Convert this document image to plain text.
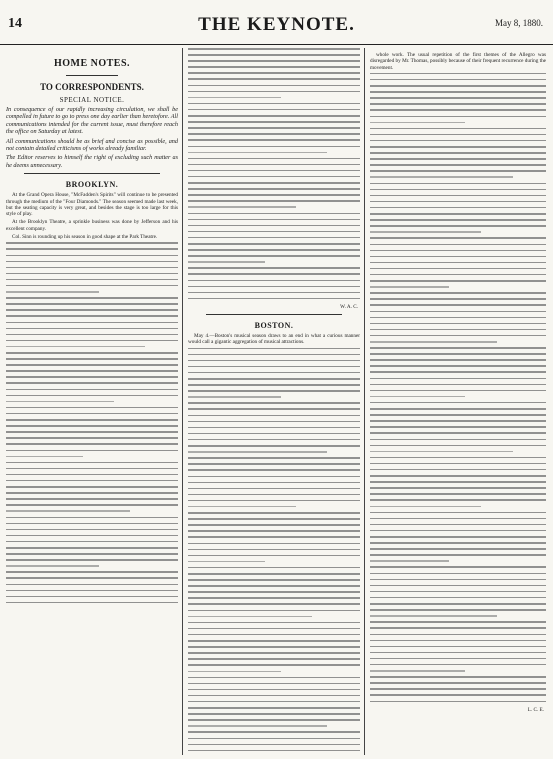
14	THE KEYNOTE.	May 8, 1880.
HOME NOTES.
TO CORRESPONDENTS.
SPECIAL NOTICE.
In consequence of our rapidly increasing circulation, we shall be compelled in future to go to press one day earlier than heretofore. All communications intended for the current issue, must therefore reach the office on Saturday at latest.
All communications should be as brief and concise as possible, and not contain detailed criticisms of works already familiar.
The Editor reserves to himself the right of excluding such matter as he deems unnecessary.
BROOKLYN.
At the Grand Opera House, "McFadden's Spirits" will continue to be presented through the medium of the "Four Diamonds." The season seemed made last week, but the seating capacity is very great, and besides the stage is too large for this style of play.
At the Brooklyn Theatre, a sprinkle business was done by Jefferson and his excellent company.
Col. Sinn is rounding up his season in good shape at the Park Theatre.
W. A. C.
BOSTON.
May 4.—Boston's musical season draws to an end in what a curious manner would call a gigantic aggregation of musical attractions.
whole work. The usual repetition of the first themes of the Allegro was disregarded by Mr. Thomas, possibly because of their frequent recurrence during the movement.
L. C. E.
